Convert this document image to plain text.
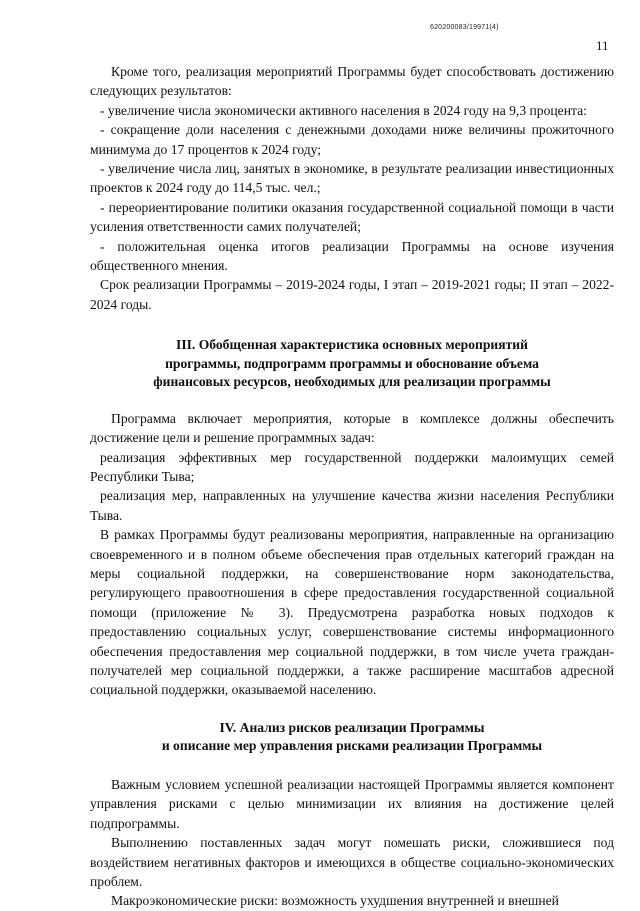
620200083/19971(4)
11

Кроме того, реализация мероприятий Программы будет способствовать достижению следующих результатов:

- увеличение числа экономически активного населения в 2024 году на 9,3 процента:

- сокращение доли населения с денежными доходами ниже величины прожиточного минимума до 17 процентов к 2024 году;

- увеличение числа лиц, занятых в экономике, в результате реализации инвестиционных проектов к 2024 году до 114,5 тыс. чел.;

- переориентирование политики оказания государственной социальной помощи в части усиления ответственности самих получателей;

- положительная оценка итогов реализации Программы на основе изучения общественного мнения.

Срок реализации Программы – 2019-2024 годы, I этап – 2019-2021 годы; II этап – 2022-2024 годы.

III. Обобщенная характеристика основных мероприятий
программы, подпрограмм программы и обоснование объема
финансовых ресурсов, необходимых для реализации программы

Программа включает мероприятия, которые в комплексе должны обеспечить достижение цели и решение программных задач:

реализация эффективных мер государственной поддержки малоимущих семей Республики Тыва;

реализация мер, направленных на улучшение качества жизни населения Республики Тыва.

В рамках Программы будут реализованы мероприятия, направленные на организацию своевременного и в полном объеме обеспечения прав отдельных категорий граждан на меры социальной поддержки, на совершенствование норм законодательства, регулирующего правоотношения в сфере предоставления государственной социальной помощи (приложение № 3). Предусмотрена разработка новых подходов к предоставлению социальных услуг, совершенствование системы информационного обеспечения предоставления мер социальной поддержки, в том числе учета граждан-получателей мер социальной поддержки, а также расширение масштабов адресной социальной поддержки, оказываемой населению.

IV. Анализ рисков реализации Программы
и описание мер управления рисками реализации Программы

Важным условием успешной реализации настоящей Программы является компонент управления рисками с целью минимизации их влияния на достижение целей подпрограммы.

Выполнению поставленных задач могут помешать риски, сложившиеся под воздействием негативных факторов и имеющихся в обществе социально-экономических проблем.

Макроэкономические риски: возможность ухудшения внутренней и внешней
